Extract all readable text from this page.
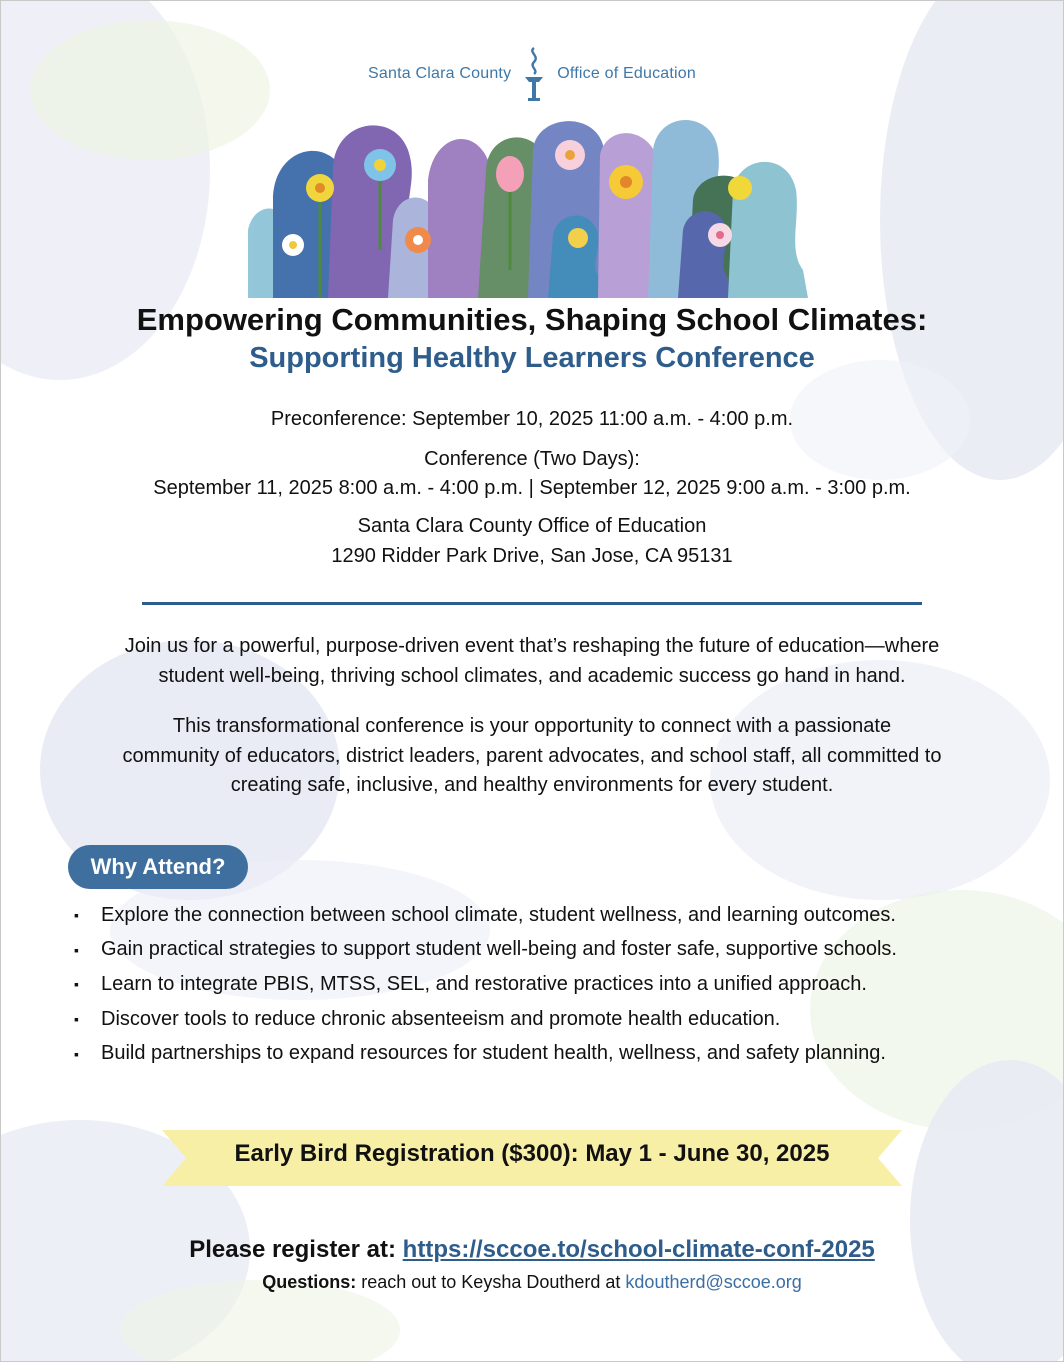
Santa Clara County	Office of Education
Empowering Communities, Shaping School Climates:
Supporting Healthy Learners Conference
Preconference: September 10, 2025 11:00 a.m. - 4:00 p.m.
Conference (Two Days):
September 11, 2025 8:00 a.m. - 4:00 p.m. | September 12, 2025 9:00 a.m. - 3:00 p.m.
Santa Clara County Office of Education
1290 Ridder Park Drive, San Jose, CA 95131
Join us for a powerful, purpose-driven event that’s reshaping the future of education—where
student well-being, thriving school climates, and academic success go hand in hand.
This transformational conference is your opportunity to connect with a passionate
community of educators, district leaders, parent advocates, and school staff, all committed to
creating safe, inclusive, and healthy environments for every student.
Why Attend?
▪	Explore the connection between school climate, student wellness, and learning outcomes.
▪	Gain practical strategies to support student well-being and foster safe, supportive schools.
▪	Learn to integrate PBIS, MTSS, SEL, and restorative practices into a unified approach.
▪	Discover tools to reduce chronic absenteeism and promote health education.
▪	Build partnerships to expand resources for student health, wellness, and safety planning.
Early Bird Registration ($300): May 1 - June 30, 2025
Please register at: https://sccoe.to/school-climate-conf-2025
Questions: reach out to Keysha Doutherd at kdoutherd@sccoe.org
